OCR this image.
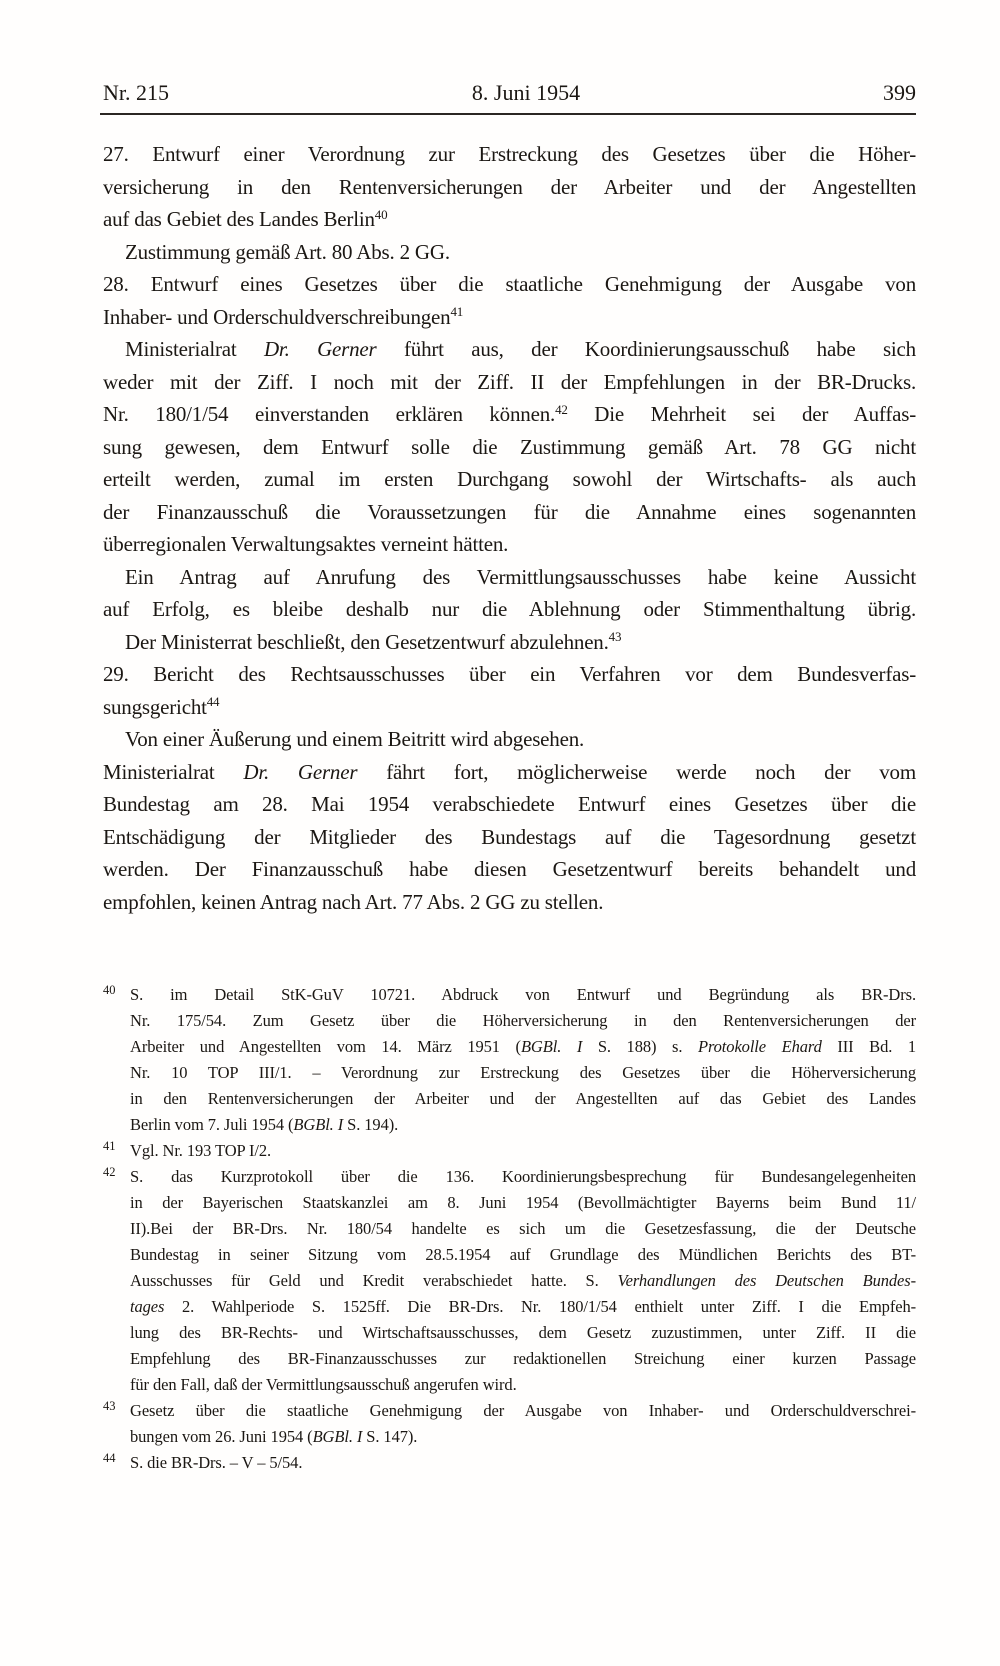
Nr. 215	8. Juni 1954	399
27. Entwurf einer Verordnung zur Erstreckung des Gesetzes über die Höher-
versicherung in den Rentenversicherungen der Arbeiter und der Angestellten
auf das Gebiet des Landes Berlin$^{40}$
Zustimmung gemäß Art. 80 Abs. 2 GG.
28. Entwurf eines Gesetzes über die staatliche Genehmigung der Ausgabe von
Inhaber- und Orderschuldverschreibungen$^{41}$
Ministerialrat Dr. Gerner führt aus, der Koordinierungsausschuß habe sich
weder mit der Ziff. I noch mit der Ziff. II der Empfehlungen in der BR-Drucks.
Nr. 180/1/54 einverstanden erklären können.$^{42}$ Die Mehrheit sei der Auffas-
sung gewesen, dem Entwurf solle die Zustimmung gemäß Art. 78 GG nicht
erteilt werden, zumal im ersten Durchgang sowohl der Wirtschafts- als auch
der Finanzausschuß die Voraussetzungen für die Annahme eines sogenannten
überregionalen Verwaltungsaktes verneint hätten.
Ein Antrag auf Anrufung des Vermittlungsausschusses habe keine Aussicht
auf Erfolg, es bleibe deshalb nur die Ablehnung oder Stimmenthaltung übrig.
Der Ministerrat beschließt, den Gesetzentwurf abzulehnen.$^{43}$
29. Bericht des Rechtsausschusses über ein Verfahren vor dem Bundesverfas-
sungsgericht$^{44}$
Von einer Äußerung und einem Beitritt wird abgesehen.
Ministerialrat Dr. Gerner fährt fort, möglicherweise werde noch der vom
Bundestag am 28. Mai 1954 verabschiedete Entwurf eines Gesetzes über die
Entschädigung der Mitglieder des Bundestags auf die Tagesordnung gesetzt
werden. Der Finanzausschuß habe diesen Gesetzentwurf bereits behandelt und
empfohlen, keinen Antrag nach Art. 77 Abs. 2 GG zu stellen.
40 S. im Detail StK-GuV 10721. Abdruck von Entwurf und Begründung als BR-Drs.
Nr. 175/54. Zum Gesetz über die Höherversicherung in den Rentenversicherungen der
Arbeiter und Angestellten vom 14. März 1951 (BGBl. I S. 188) s. Protokolle Ehard III Bd. 1
Nr. 10 TOP III/1. – Verordnung zur Erstreckung des Gesetzes über die Höherversicherung
in den Rentenversicherungen der Arbeiter und der Angestellten auf das Gebiet des Landes
Berlin vom 7. Juli 1954 (BGBl. I S. 194).
41 Vgl. Nr. 193 TOP I/2.
42 S. das Kurzprotokoll über die 136. Koordinierungsbesprechung für Bundesangelegenheiten
in der Bayerischen Staatskanzlei am 8. Juni 1954 (Bevollmächtigter Bayerns beim Bund 11/
II).Bei der BR-Drs. Nr. 180/54 handelte es sich um die Gesetzesfassung, die der Deutsche
Bundestag in seiner Sitzung vom 28.5.1954 auf Grundlage des Mündlichen Berichts des BT-
Ausschusses für Geld und Kredit verabschiedet hatte. S. Verhandlungen des Deutschen Bundes-
tages 2. Wahlperiode S. 1525ff. Die BR-Drs. Nr. 180/1/54 enthielt unter Ziff. I die Empfeh-
lung des BR-Rechts- und Wirtschaftsausschusses, dem Gesetz zuzustimmen, unter Ziff. II die
Empfehlung des BR-Finanzausschusses zur redaktionellen Streichung einer kurzen Passage
für den Fall, daß der Vermittlungsausschuß angerufen wird.
43 Gesetz über die staatliche Genehmigung der Ausgabe von Inhaber- und Orderschuldverschrei-
bungen vom 26. Juni 1954 (BGBl. I S. 147).
44 S. die BR-Drs. – V – 5/54.
